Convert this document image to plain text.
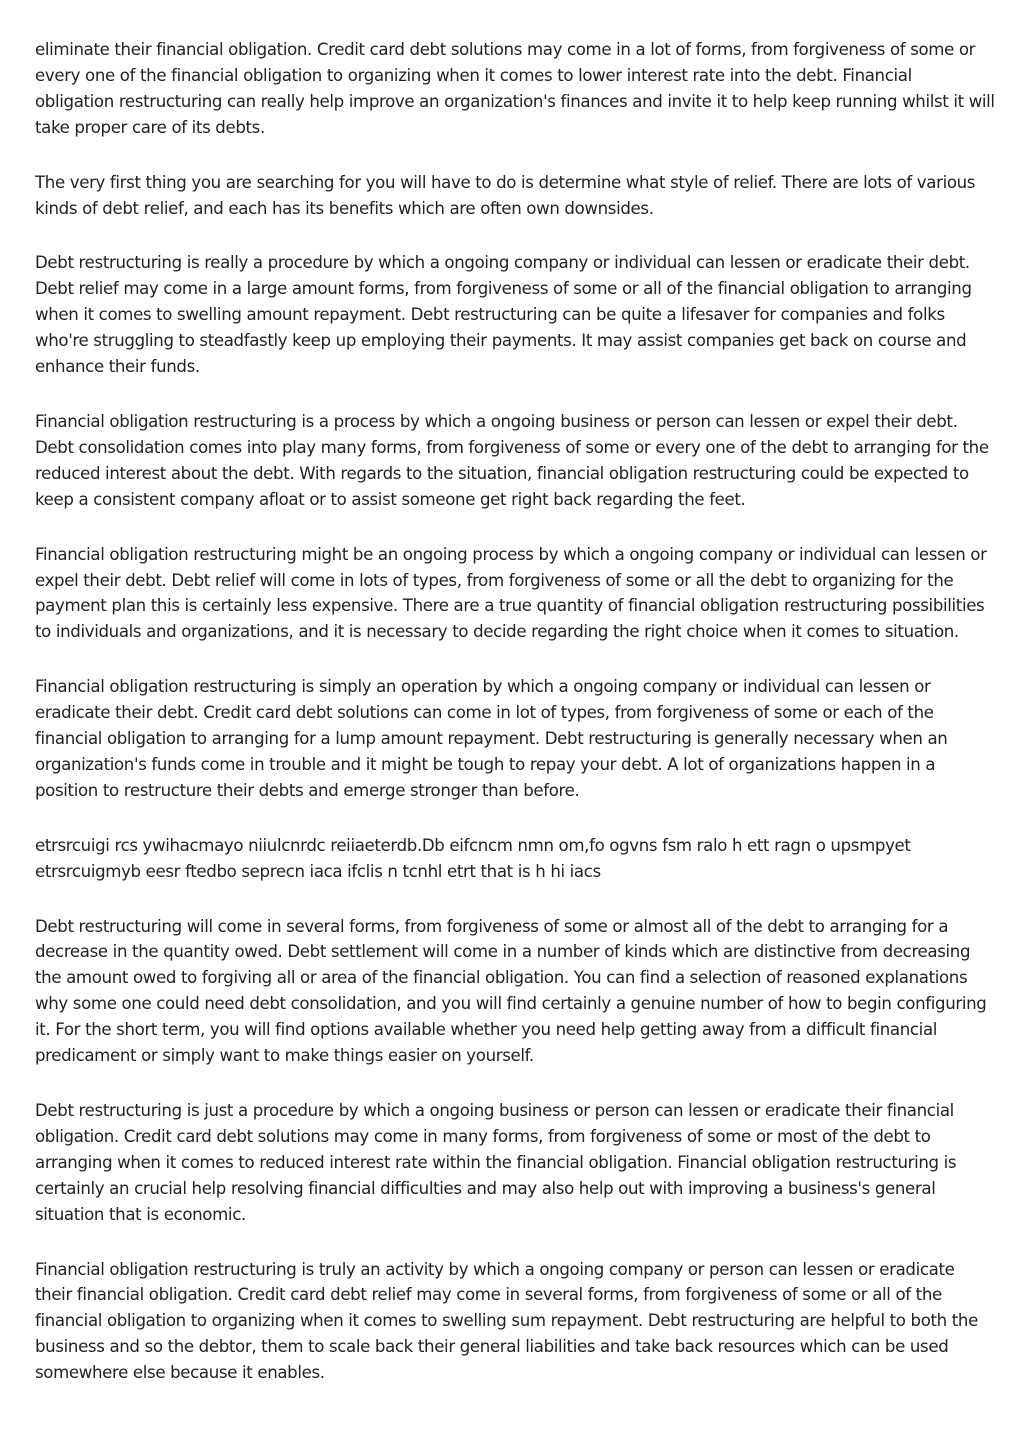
eliminate their financial obligation. Credit card debt solutions may come in a lot of forms, from forgiveness of some or every one of the financial obligation to organizing when it comes to lower interest rate into the debt. Financial obligation restructuring can really help improve an organization's finances and invite it to help keep running whilst it will take proper care of its debts.

The very first thing you are searching for you will have to do is determine what style of relief. There are lots of various kinds of debt relief, and each has its benefits which are often own downsides.

Debt restructuring is really a procedure by which a ongoing company or individual can lessen or eradicate their debt. Debt relief may come in a large amount forms, from forgiveness of some or all of the financial obligation to arranging when it comes to swelling amount repayment. Debt restructuring can be quite a lifesaver for companies and folks who're struggling to steadfastly keep up employing their payments. It may assist companies get back on course and enhance their funds.

Financial obligation restructuring is a process by which a ongoing business or person can lessen or expel their debt. Debt consolidation comes into play many forms, from forgiveness of some or every one of the debt to arranging for the reduced interest about the debt. With regards to the situation, financial obligation restructuring could be expected to keep a consistent company afloat or to assist someone get right back regarding the feet.

Financial obligation restructuring might be an ongoing process by which a ongoing company or individual can lessen or expel their debt. Debt relief will come in lots of types, from forgiveness of some or all the debt to organizing for the payment plan this is certainly less expensive. There are a true quantity of financial obligation restructuring possibilities to individuals and organizations, and it is necessary to decide regarding the right choice when it comes to situation.

Financial obligation restructuring is simply an operation by which a ongoing company or individual can lessen or eradicate their debt. Credit card debt solutions can come in lot of types, from forgiveness of some or each of the financial obligation to arranging for a lump amount repayment. Debt restructuring is generally necessary when an organization's funds come in trouble and it might be tough to repay your debt. A lot of organizations happen in a position to restructure their debts and emerge stronger than before.

etrsrcuigi rcs ywihacmayo niiulcnrdc reiiaeterdb.Db eifcncm nmn om,fo ogvns fsm ralo h ett ragn o upsmpyet etrsrcuigmyb eesr ftedbo seprecn iaca ifclis n tcnhl etrt that is h hi iacs

Debt restructuring will come in several forms, from forgiveness of some or almost all of the debt to arranging for a decrease in the quantity owed. Debt settlement will come in a number of kinds which are distinctive from decreasing the amount owed to forgiving all or area of the financial obligation. You can find a selection of reasoned explanations why some one could need debt consolidation, and you will find certainly a genuine number of how to begin configuring it. For the short term, you will find options available whether you need help getting away from a difficult financial predicament or simply want to make things easier on yourself.

Debt restructuring is just a procedure by which a ongoing business or person can lessen or eradicate their financial obligation. Credit card debt solutions may come in many forms, from forgiveness of some or most of the debt to arranging when it comes to reduced interest rate within the financial obligation. Financial obligation restructuring is certainly an crucial help resolving financial difficulties and may also help out with improving a business's general situation that is economic.

Financial obligation restructuring is truly an activity by which a ongoing company or person can lessen or eradicate their financial obligation. Credit card debt relief may come in several forms, from forgiveness of some or all of the financial obligation to organizing when it comes to swelling sum repayment. Debt restructuring are helpful to both the business and so the debtor, them to scale back their general liabilities and take back resources which can be used somewhere else because it enables.
